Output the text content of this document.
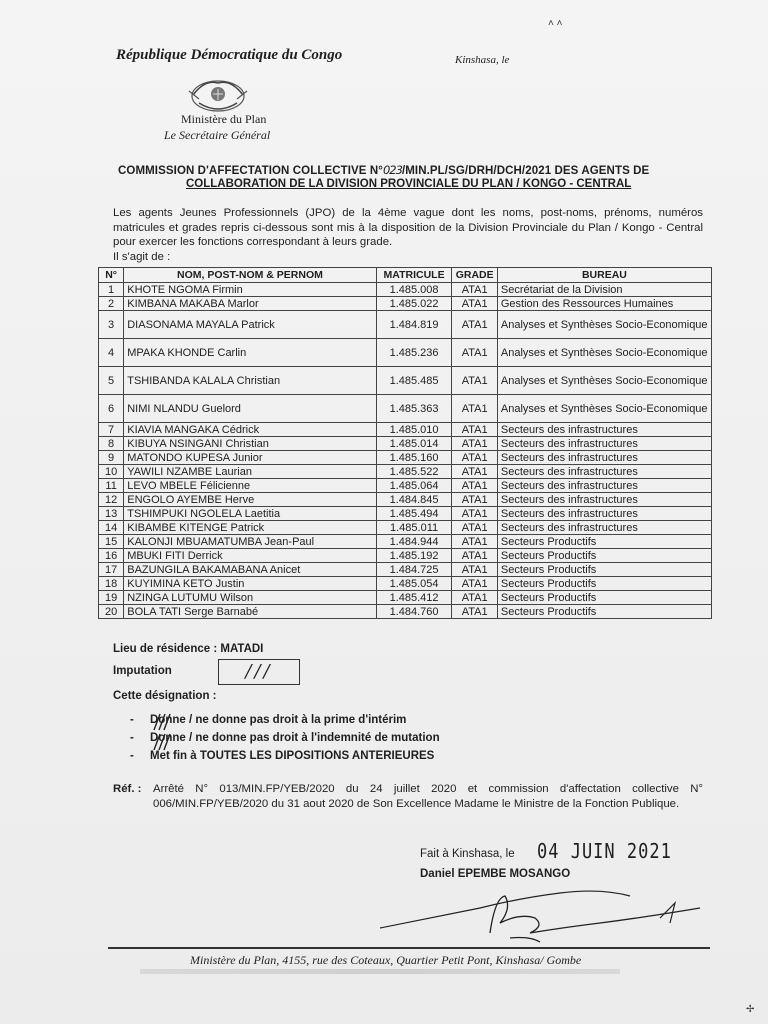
˄ ˄
✢
République Démocratique du Congo	Kinshasa, le
Ministère du Plan
Le Secrétaire Général
COMMISSION D'AFFECTATION COLLECTIVE N°023/MIN.PL/SG/DRH/DCH/2021 DES AGENTS DE
COLLABORATION DE LA DIVISION PROVINCIALE DU PLAN / KONGO - CENTRAL
Les agents Jeunes Professionnels (JPO) de la 4ème vague dont les noms, post-noms, prénoms, numéros matricules et grades repris ci-dessous sont mis à la disposition de la Division Provinciale du Plan / Kongo - Central pour exercer les fonctions correspondant à leurs grade.
Il s'agit de :
N°	NOM, POST-NOM & PERNOM	MATRICULE	GRADE	BUREAU
1	KHOTE NGOMA Firmin	1.485.008	ATA1	Secrétariat de la Division
2	KIMBANA MAKABA Marlor	1.485.022	ATA1	Gestion des Ressources Humaines
3	DIASONAMA MAYALA Patrick	1.484.819	ATA1	Analyses et Synthèses Socio-Economique
4	MPAKA KHONDE Carlin	1.485.236	ATA1	Analyses et Synthèses Socio-Economique
5	TSHIBANDA KALALA Christian	1.485.485	ATA1	Analyses et Synthèses Socio-Economique
6	NIMI NLANDU Guelord	1.485.363	ATA1	Analyses et Synthèses Socio-Economique
7	KIAVIA MANGAKA Cédrick	1.485.010	ATA1	Secteurs des infrastructures
8	KIBUYA NSINGANI Christian	1.485.014	ATA1	Secteurs des infrastructures
9	MATONDO KUPESA Junior	1.485.160	ATA1	Secteurs des infrastructures
10	YAWILI NZAMBE Laurian	1.485.522	ATA1	Secteurs des infrastructures
11	LEVO MBELE Félicienne	1.485.064	ATA1	Secteurs des infrastructures
12	ENGOLO AYEMBE Herve	1.484.845	ATA1	Secteurs des infrastructures
13	TSHIMPUKI NGOLELA Laetitia	1.485.494	ATA1	Secteurs des infrastructures
14	KIBAMBE KITENGE Patrick	1.485.011	ATA1	Secteurs des infrastructures
15	KALONJI MBUAMATUMBA Jean-Paul	1.484.944	ATA1	Secteurs Productifs
16	MBUKI FITI Derrick	1.485.192	ATA1	Secteurs Productifs
17	BAZUNGILA BAKAMABANA Anicet	1.484.725	ATA1	Secteurs Productifs
18	KUYIMINA KETO Justin	1.485.054	ATA1	Secteurs Productifs
19	NZINGA LUTUMU Wilson	1.485.412	ATA1	Secteurs Productifs
20	BOLA TATI Serge Barnabé	1.484.760	ATA1	Secteurs Productifs
Lieu de résidence : MATADI
Imputation	///
Cette désignation :
- Donne / ne donne pas droit à la prime d'intérim
- Donne / ne donne pas droit à l'indemnité de mutation
- Met fin à TOUTES LES DIPOSITIONS ANTERIEURES
Réf. : Arrêté N° 013/MIN.FP/YEB/2020 du 24 juillet 2020 et commission d'affectation collective N° 006/MIN.FP/YEB/2020 du 31 aout 2020 de Son Excellence Madame le Ministre de la Fonction Publique.
Fait à Kinshasa, le 04 JUIN 2021
Daniel EPEMBE MOSANGO
Ministère du Plan, 4155, rue des Coteaux, Quartier Petit Pont, Kinshasa/ Gombe
